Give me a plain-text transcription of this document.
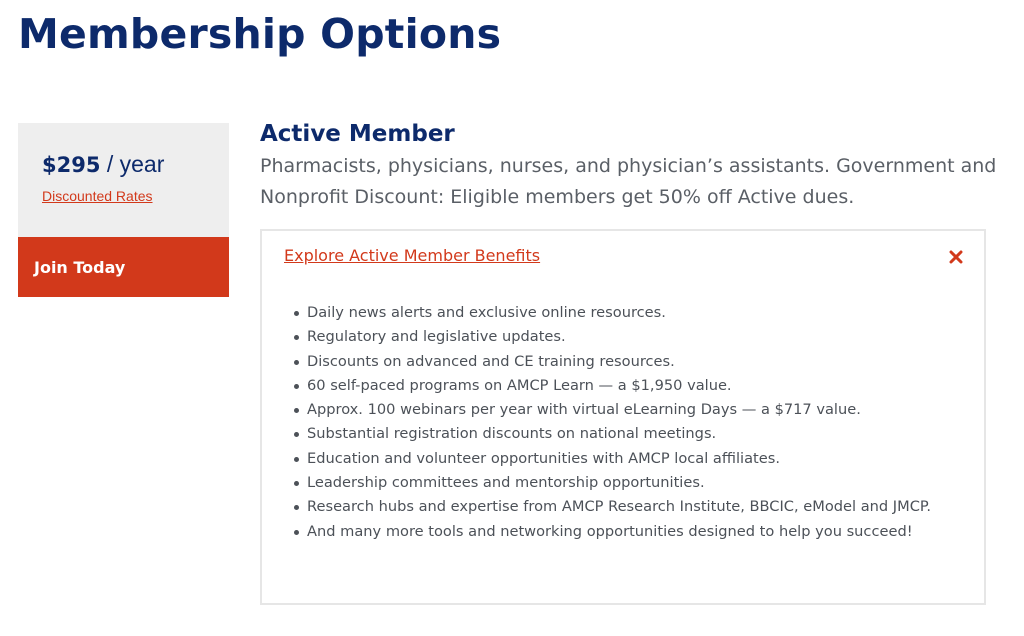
Membership Options
$295 / year
Discounted Rates
Join Today
Active Member

Pharmacists, physicians, nurses, and physician’s assistants. Government and Nonprofit Discount: Eligible members get 50% off Active dues.

Explore Active Member Benefits
Daily news alerts and exclusive online resources.
Regulatory and legislative updates.
Discounts on advanced and CE training resources.
60 self-paced programs on AMCP Learn — a $1,950 value.
Approx. 100 webinars per year with virtual eLearning Days — a $717 value.
Substantial registration discounts on national meetings.
Education and volunteer opportunities with AMCP local affiliates.
Leadership committees and mentorship opportunities.
Research hubs and expertise from AMCP Research Institute, BBCIC, eModel and JMCP.
And many more tools and networking opportunities designed to help you succeed!
